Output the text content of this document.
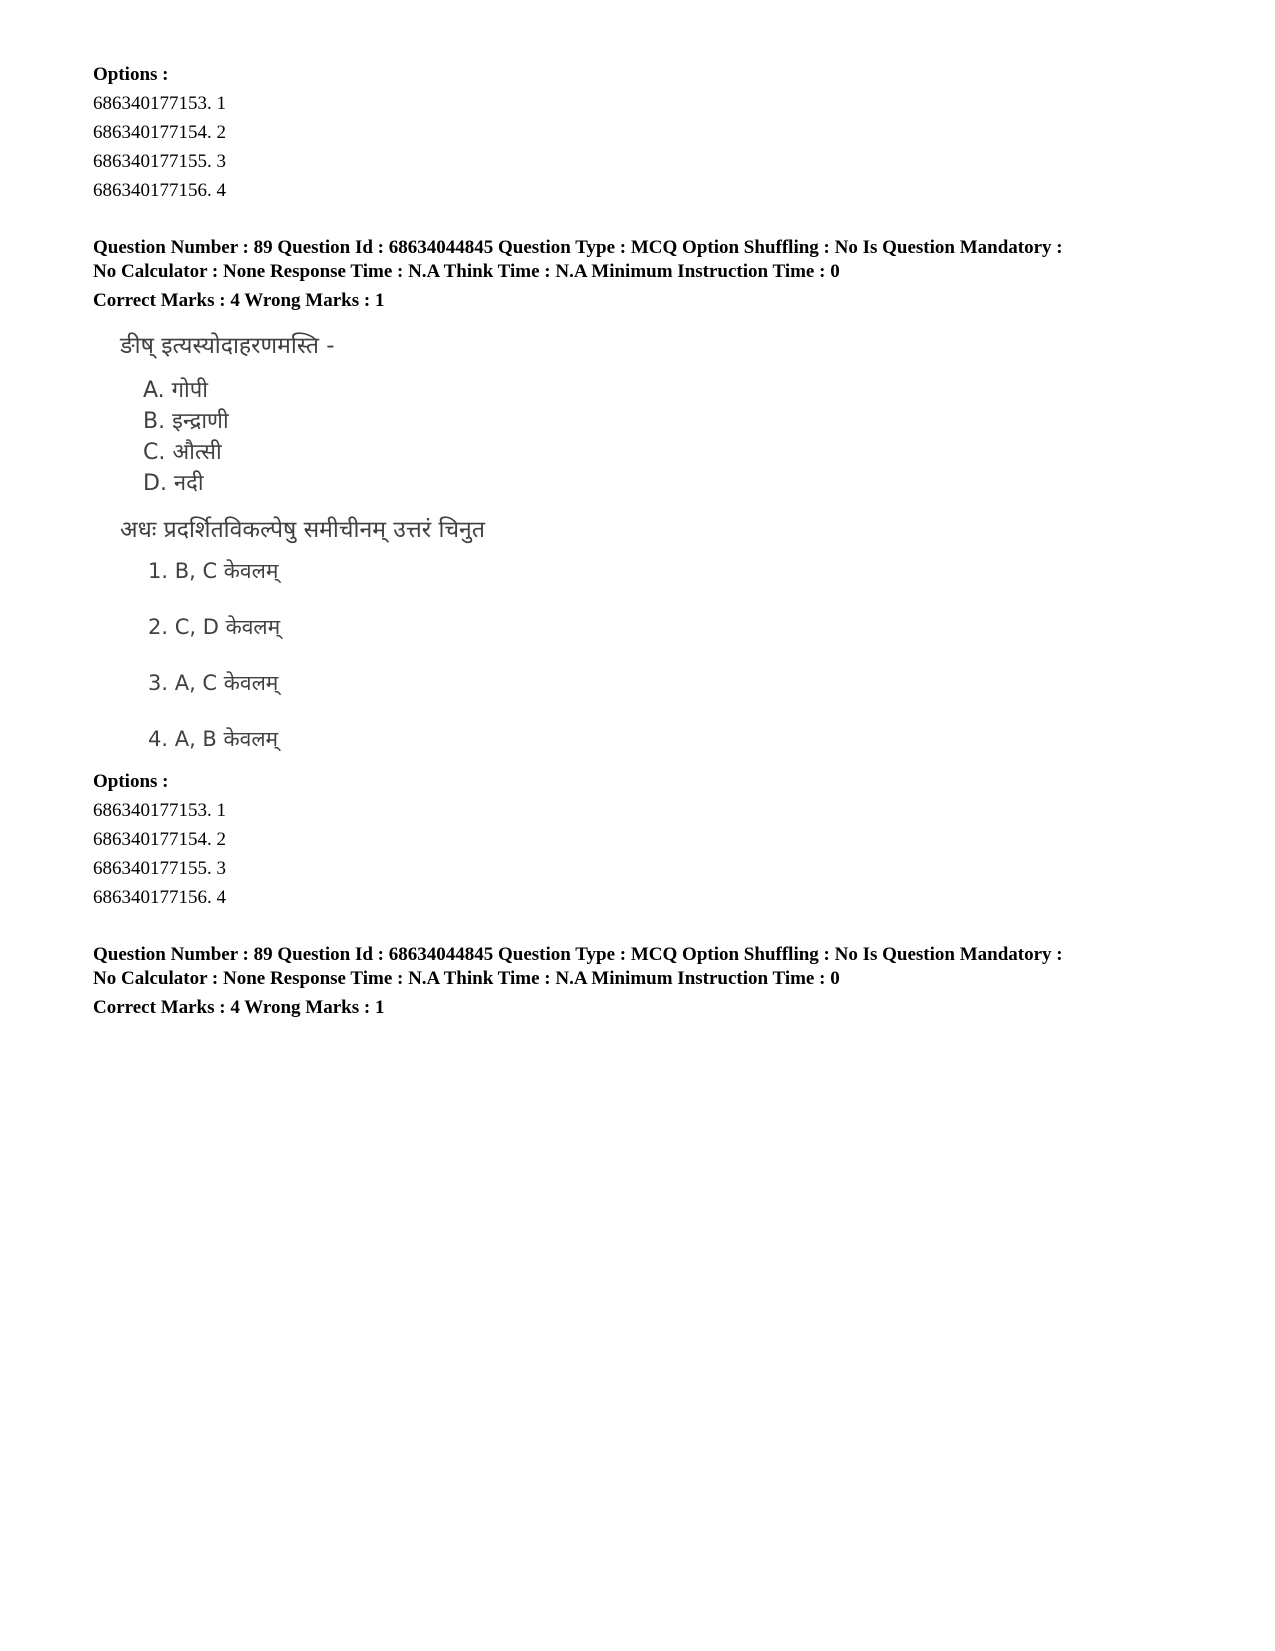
Options :
686340177153. 1
686340177154. 2
686340177155. 3
686340177156. 4
Question Number : 89 Question Id : 68634044845 Question Type : MCQ Option Shuffling : No Is Question Mandatory :
No Calculator : None Response Time : N.A Think Time : N.A Minimum Instruction Time : 0
Correct Marks : 4 Wrong Marks : 1
ङीष् इत्यस्योदाहरणमस्ति -
A. गोपी
B. इन्द्राणी
C. औत्सी
D. नदी
अधः प्रदर्शितविकल्पेषु समीचीनम् उत्तरं चिनुत
1. B, C केवलम्
2. C, D केवलम्
3. A, C केवलम्
4. A, B केवलम्
Options :
686340177153. 1
686340177154. 2
686340177155. 3
686340177156. 4
Question Number : 89 Question Id : 68634044845 Question Type : MCQ Option Shuffling : No Is Question Mandatory :
No Calculator : None Response Time : N.A Think Time : N.A Minimum Instruction Time : 0
Correct Marks : 4 Wrong Marks : 1
